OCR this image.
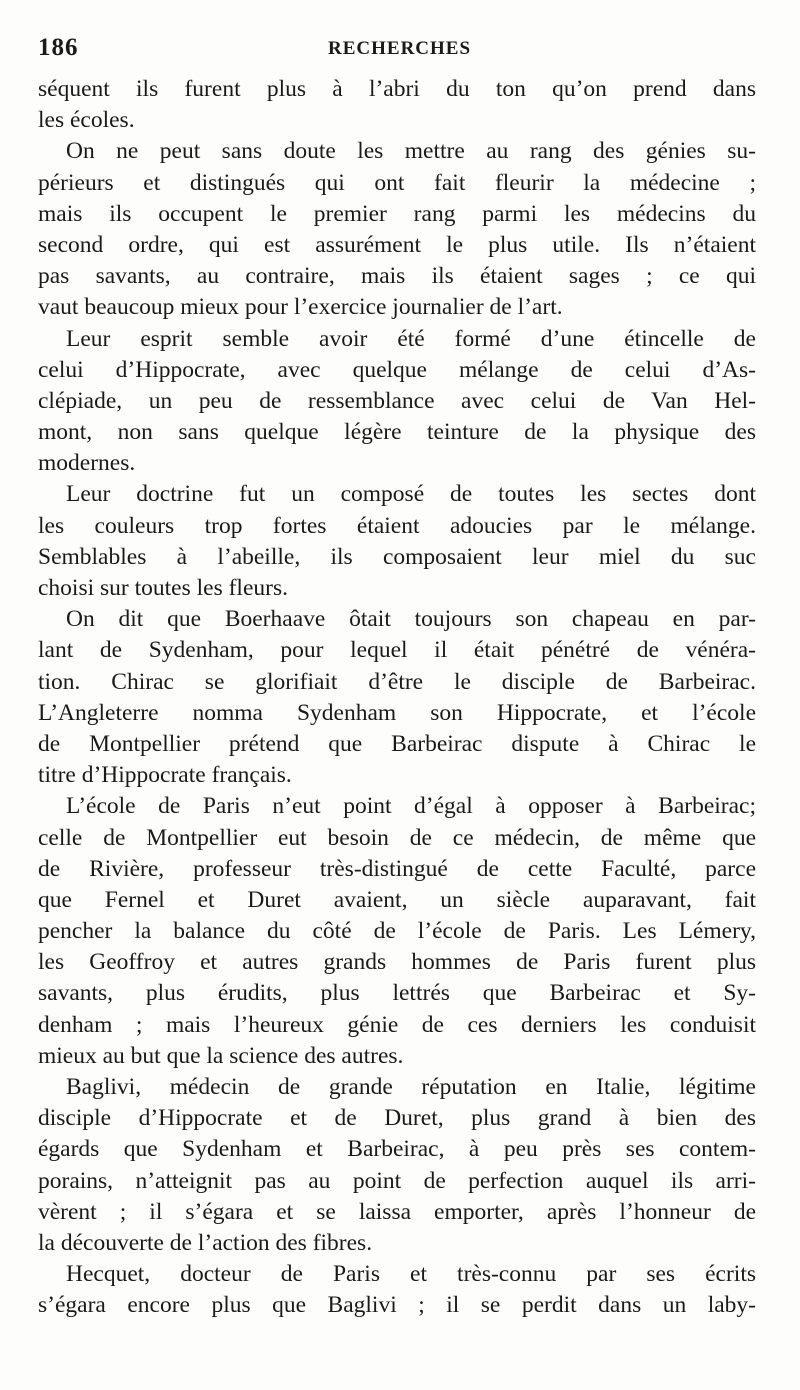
186	RECHERCHES
séquent ils furent plus à l’abri du ton qu’on prend dans
les écoles.
On ne peut sans doute les mettre au rang des génies su-
périeurs et distingués qui ont fait fleurir la médecine ;
mais ils occupent le premier rang parmi les médecins du
second ordre, qui est assurément le plus utile. Ils n’étaient
pas savants, au contraire, mais ils étaient sages ; ce qui
vaut beaucoup mieux pour l’exercice journalier de l’art.
Leur esprit semble avoir été formé d’une étincelle de
celui d’Hippocrate, avec quelque mélange de celui d’As-
clépiade, un peu de ressemblance avec celui de Van Hel-
mont, non sans quelque légère teinture de la physique des
modernes.
Leur doctrine fut un composé de toutes les sectes dont
les couleurs trop fortes étaient adoucies par le mélange.
Semblables à l’abeille, ils composaient leur miel du suc
choisi sur toutes les fleurs.
On dit que Boerhaave ôtait toujours son chapeau en par-
lant de Sydenham, pour lequel il était pénétré de vénéra-
tion. Chirac se glorifiait d’être le disciple de Barbeirac.
L’Angleterre nomma Sydenham son Hippocrate, et l’école
de Montpellier prétend que Barbeirac dispute à Chirac le
titre d’Hippocrate français.
L’école de Paris n’eut point d’égal à opposer à Barbeirac;
celle de Montpellier eut besoin de ce médecin, de même que
de Rivière, professeur très-distingué de cette Faculté, parce
que Fernel et Duret avaient, un siècle auparavant, fait
pencher la balance du côté de l’école de Paris. Les Lémery,
les Geoffroy et autres grands hommes de Paris furent plus
savants, plus érudits, plus lettrés que Barbeirac et Sy-
denham ; mais l’heureux génie de ces derniers les conduisit
mieux au but que la science des autres.
Baglivi, médecin de grande réputation en Italie, légitime
disciple d’Hippocrate et de Duret, plus grand à bien des
égards que Sydenham et Barbeirac, à peu près ses contem-
porains, n’atteignit pas au point de perfection auquel ils arri-
vèrent ; il s’égara et se laissa emporter, après l’honneur de
la découverte de l’action des fibres.
Hecquet, docteur de Paris et très-connu par ses écrits
s’égara encore plus que Baglivi ; il se perdit dans un laby-
